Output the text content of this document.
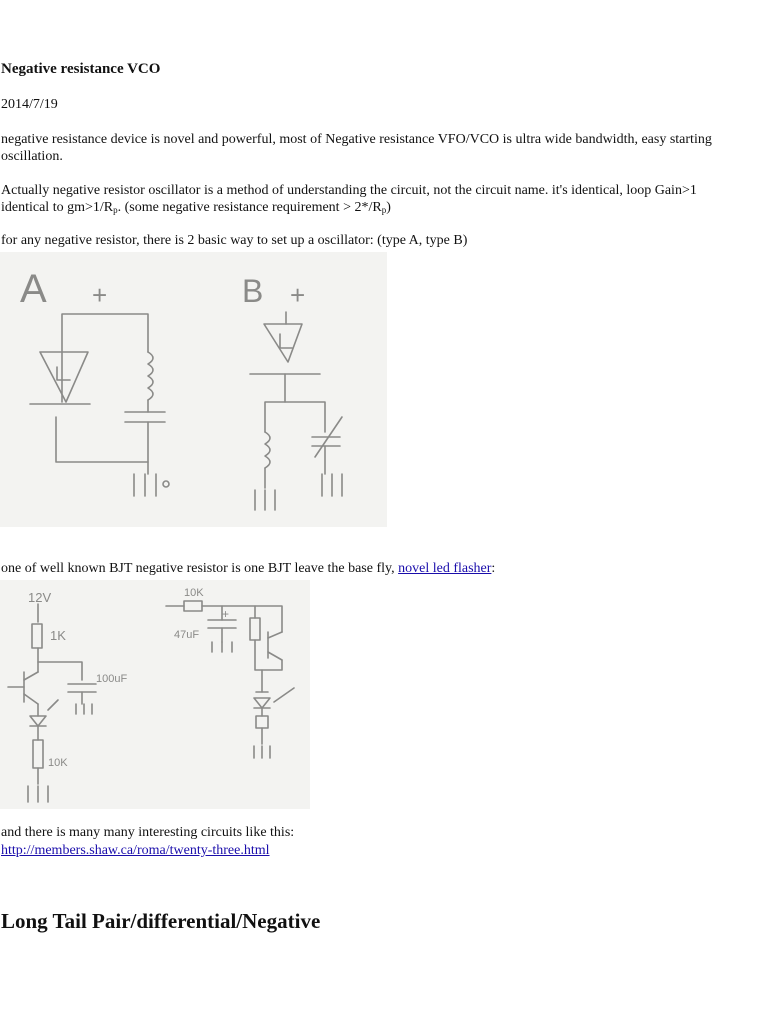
Negative resistance VCO
2014/7/19
negative resistance device is novel and powerful, most of Negative resistance VFO/VCO is ultra wide bandwidth, easy starting oscillation.
Actually negative resistor oscillator is a method of understanding the circuit, not the circuit name. it's identical, loop Gain>1 identical to $gm>1/R_p$. (some negative resistance requirement > $2*/R_p$)
for any negative resistor, there is 2 basic way to set up a oscillator: (type A, type B)
A +	B +
one of well known BJT negative resistor is one BJT leave the base fly, novel led flasher:
12V
1K
100uF
10K
10K
+
47uF
and there is many many interesting circuits like this:
http://members.shaw.ca/roma/twenty-three.html
Long Tail Pair/differential/Negative
